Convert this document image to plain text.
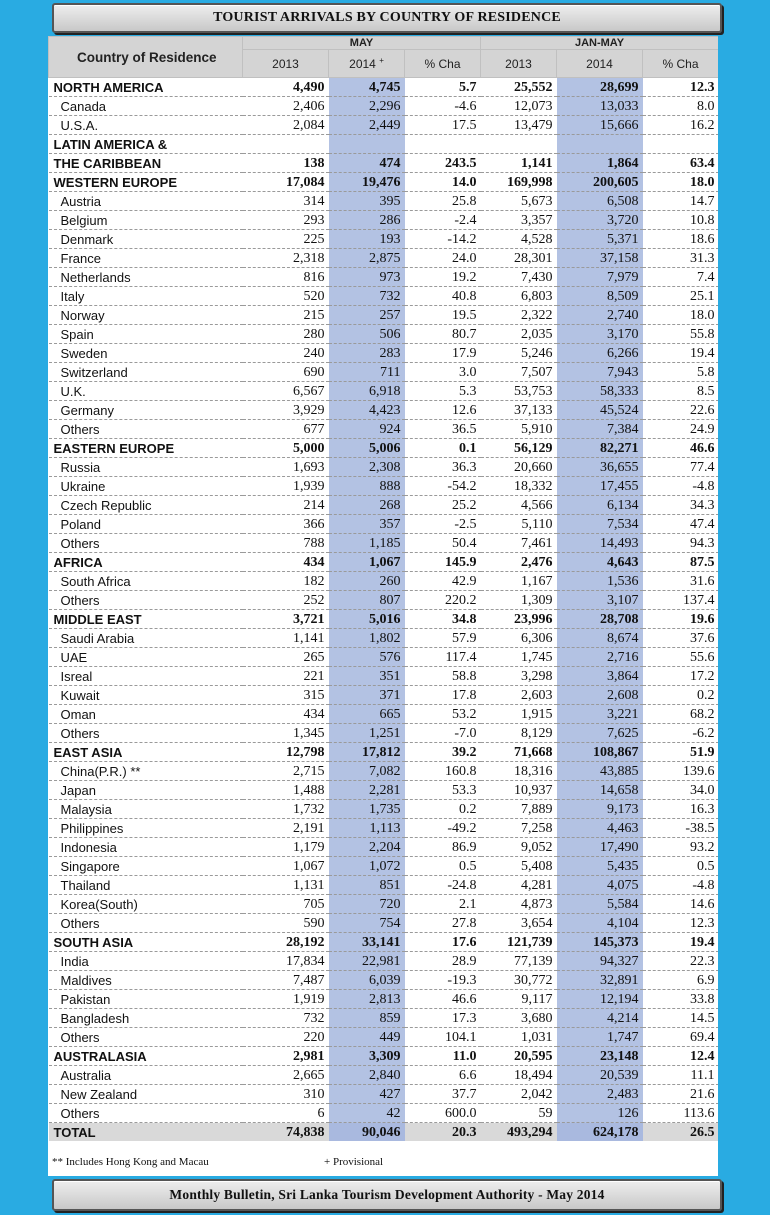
TOURIST ARRIVALS BY COUNTRY OF RESIDENCE
Country of Residence	MAY			JAN-MAY		
	2013	2014 +	% Cha	2013	2014	% Cha
NORTH AMERICA	4,490	4,745	5.7	25,552	28,699	12.3
Canada	2,406	2,296	-4.6	12,073	13,033	8.0
U.S.A.	2,084	2,449	17.5	13,479	15,666	16.2
LATIN AMERICA &						
THE CARIBBEAN	138	474	243.5	1,141	1,864	63.4
WESTERN EUROPE	17,084	19,476	14.0	169,998	200,605	18.0
Austria	314	395	25.8	5,673	6,508	14.7
Belgium	293	286	-2.4	3,357	3,720	10.8
Denmark	225	193	-14.2	4,528	5,371	18.6
France	2,318	2,875	24.0	28,301	37,158	31.3
Netherlands	816	973	19.2	7,430	7,979	7.4
Italy	520	732	40.8	6,803	8,509	25.1
Norway	215	257	19.5	2,322	2,740	18.0
Spain	280	506	80.7	2,035	3,170	55.8
Sweden	240	283	17.9	5,246	6,266	19.4
Switzerland	690	711	3.0	7,507	7,943	5.8
U.K.	6,567	6,918	5.3	53,753	58,333	8.5
Germany	3,929	4,423	12.6	37,133	45,524	22.6
Others	677	924	36.5	5,910	7,384	24.9
EASTERN EUROPE	5,000	5,006	0.1	56,129	82,271	46.6
Russia	1,693	2,308	36.3	20,660	36,655	77.4
Ukraine	1,939	888	-54.2	18,332	17,455	-4.8
Czech Republic	214	268	25.2	4,566	6,134	34.3
Poland	366	357	-2.5	5,110	7,534	47.4
Others	788	1,185	50.4	7,461	14,493	94.3
AFRICA	434	1,067	145.9	2,476	4,643	87.5
South Africa	182	260	42.9	1,167	1,536	31.6
Others	252	807	220.2	1,309	3,107	137.4
MIDDLE EAST	3,721	5,016	34.8	23,996	28,708	19.6
Saudi Arabia	1,141	1,802	57.9	6,306	8,674	37.6
UAE	265	576	117.4	1,745	2,716	55.6
Isreal	221	351	58.8	3,298	3,864	17.2
Kuwait	315	371	17.8	2,603	2,608	0.2
Oman	434	665	53.2	1,915	3,221	68.2
Others	1,345	1,251	-7.0	8,129	7,625	-6.2
EAST ASIA	12,798	17,812	39.2	71,668	108,867	51.9
China(P.R.) **	2,715	7,082	160.8	18,316	43,885	139.6
Japan	1,488	2,281	53.3	10,937	14,658	34.0
Malaysia	1,732	1,735	0.2	7,889	9,173	16.3
Philippines	2,191	1,113	-49.2	7,258	4,463	-38.5
Indonesia	1,179	2,204	86.9	9,052	17,490	93.2
Singapore	1,067	1,072	0.5	5,408	5,435	0.5
Thailand	1,131	851	-24.8	4,281	4,075	-4.8
Korea(South)	705	720	2.1	4,873	5,584	14.6
Others	590	754	27.8	3,654	4,104	12.3
SOUTH ASIA	28,192	33,141	17.6	121,739	145,373	19.4
India	17,834	22,981	28.9	77,139	94,327	22.3
Maldives	7,487	6,039	-19.3	30,772	32,891	6.9
Pakistan	1,919	2,813	46.6	9,117	12,194	33.8
Bangladesh	732	859	17.3	3,680	4,214	14.5
Others	220	449	104.1	1,031	1,747	69.4
AUSTRALASIA	2,981	3,309	11.0	20,595	23,148	12.4
Australia	2,665	2,840	6.6	18,494	20,539	11.1
New Zealand	310	427	37.7	2,042	2,483	21.6
Others	6	42	600.0	59	126	113.6
TOTAL	74,838	90,046	20.3	493,294	624,178	26.5
** Includes Hong Kong and Macau	+ Provisional
Monthly Bulletin, Sri Lanka Tourism Development Authority - May 2014
